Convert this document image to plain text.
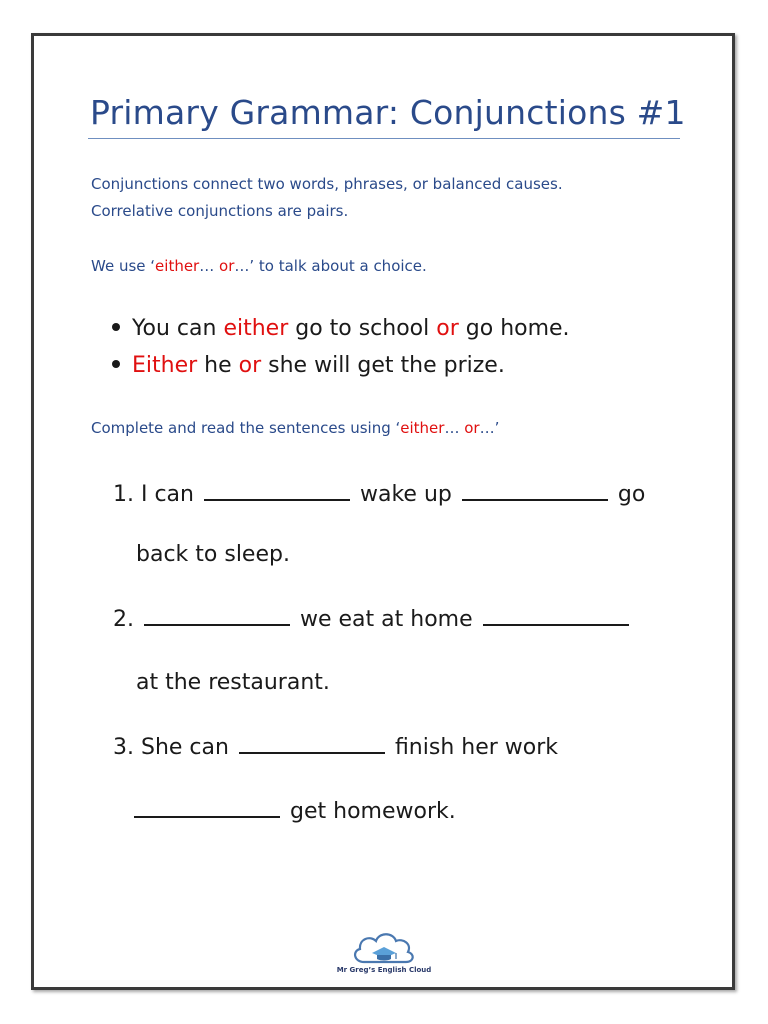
Primary Grammar: Conjunctions #1
Conjunctions connect two words, phrases, or balanced causes.
Correlative conjunctions are pairs.
We use ‘either… or…’ to talk about a choice.
You can either go to school or go home.
Either he or she will get the prize.
Complete and read the sentences using ‘either… or…’
1. I can	wake up	go
back to sleep.
2.	we eat at home
at the restaurant.
3. She can	finish her work
get homework.
Mr Greg’s English Cloud
